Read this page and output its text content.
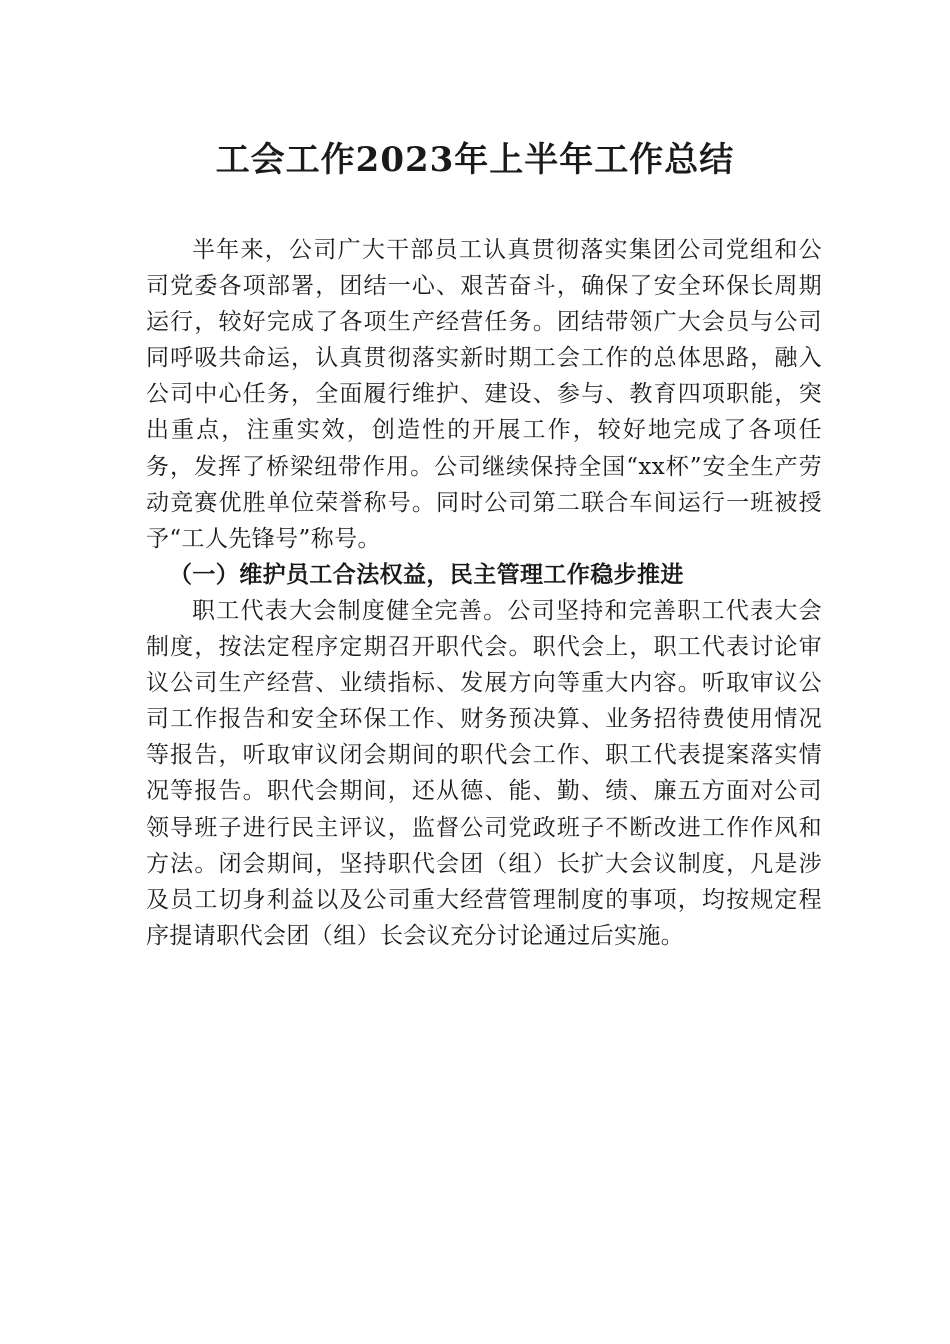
工会工作2023年上半年工作总结

半年来，公司广大干部员工认真贯彻落实集团公司党组和公司党委各项部署，团结一心、艰苦奋斗，确保了安全环保长周期运行，较好完成了各项生产经营任务。团结带领广大会员与公司同呼吸共命运，认真贯彻落实新时期工会工作的总体思路，融入公司中心任务，全面履行维护、建设、参与、教育四项职能，突出重点，注重实效，创造性的开展工作，较好地完成了各项任务，发挥了桥梁纽带作用。公司继续保持全国“xx杯”安全生产劳动竞赛优胜单位荣誉称号。同时公司第二联合车间运行一班被授予“工人先锋号”称号。

（一）维护员工合法权益，民主管理工作稳步推进

职工代表大会制度健全完善。公司坚持和完善职工代表大会制度，按法定程序定期召开职代会。职代会上，职工代表讨论审议公司生产经营、业绩指标、发展方向等重大内容。听取审议公司工作报告和安全环保工作、财务预决算、业务招待费使用情况等报告，听取审议闭会期间的职代会工作、职工代表提案落实情况等报告。职代会期间，还从德、能、勤、绩、廉五方面对公司领导班子进行民主评议，监督公司党政班子不断改进工作作风和方法。闭会期间，坚持职代会团（组）长扩大会议制度，凡是涉及员工切身利益以及公司重大经营管理制度的事项，均按规定程序提请职代会团（组）长会议充分讨论通过后实施。
